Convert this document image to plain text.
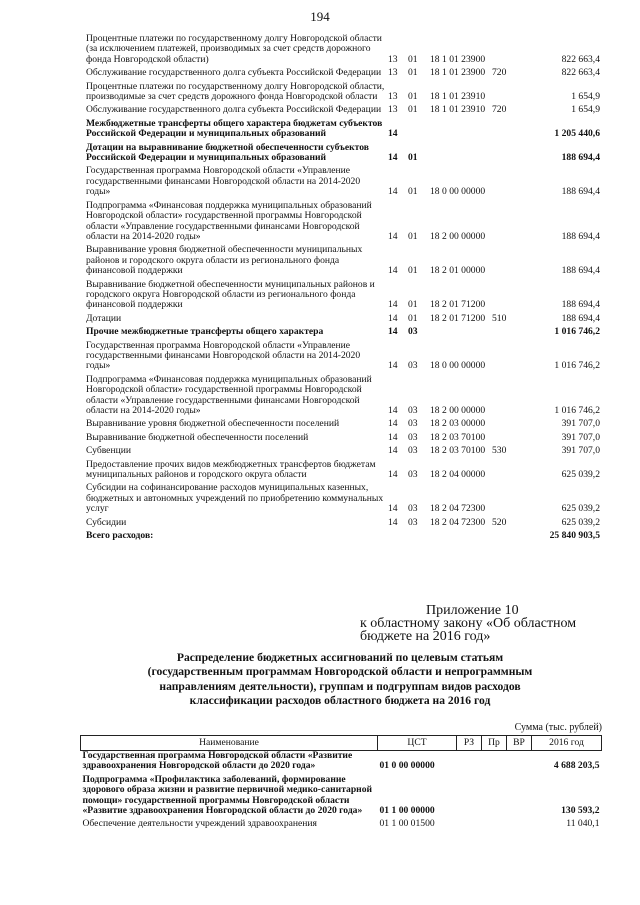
194
Процентные платежи по государственному долгу Новгородской области (за исключением платежей, производимых за счет средств дорожного фонда Новгородской области)	13	01	18 1 01 23900		822 663,4
Обслуживание государственного долга субъекта Российской Федерации	13	01	18 1 01 23900	720	822 663,4
Процентные платежи по государственному долгу Новгородской области, производимые за счет средств дорожного фонда Новгородской области	13	01	18 1 01 23910		1 654,9
Обслуживание государственного долга субъекта Российской Федерации	13	01	18 1 01 23910	720	1 654,9
Межбюджетные трансферты общего характера бюджетам субъектов Российской Федерации и муниципальных образований	14				1 205 440,6
Дотации на выравнивание бюджетной обеспеченности субъектов Российской Федерации и муниципальных образований	14	01			188 694,4
Государственная программа Новгородской области «Управление государственными финансами Новгородской области на 2014-2020 годы»	14	01	18 0 00 00000		188 694,4
Подпрограмма «Финансовая поддержка муниципальных образований Новгородской области» государственной программы Новгородской области «Управление государственными финансами Новгородской области на 2014-2020 годы»	14	01	18 2 00 00000		188 694,4
Выравнивание уровня бюджетной обеспеченности муниципальных районов и городского округа области из регионального фонда финансовой поддержки	14	01	18 2 01 00000		188 694,4
Выравнивание бюджетной обеспеченности муниципальных районов и городского округа Новгородской области из регионального фонда финансовой поддержки	14	01	18 2 01 71200		188 694,4
Дотации	14	01	18 2 01 71200	510	188 694,4
Прочие межбюджетные трансферты общего характера	14	03			1 016 746,2
Государственная программа Новгородской области «Управление государственными финансами Новгородской области на 2014-2020 годы»	14	03	18 0 00 00000		1 016 746,2
Подпрограмма «Финансовая поддержка муниципальных образований Новгородской области» государственной программы Новгородской области «Управление государственными финансами Новгородской области на 2014-2020 годы»	14	03	18 2 00 00000		1 016 746,2
Выравнивание уровня бюджетной обеспеченности поселений	14	03	18 2 03 00000		391 707,0
Выравнивание бюджетной обеспеченности поселений	14	03	18 2 03 70100		391 707,0
Субвенции	14	03	18 2 03 70100	530	391 707,0
Предоставление прочих видов межбюджетных трансфертов бюджетам муниципальных районов и городского округа области	14	03	18 2 04 00000		625 039,2
Субсидии на софинансирование расходов муниципальных казенных, бюджетных и автономных учреждений по приобретению коммунальных услуг	14	03	18 2 04 72300		625 039,2
Субсидии	14	03	18 2 04 72300	520	625 039,2
Всего расходов:					25 840 903,5
Приложение 10
к областному закону «Об областном
бюджете на 2016 год»
Распределение бюджетных ассигнований по целевым статьям
(государственным программам Новгородской области и непрограммным
направлениям деятельности), группам и подгруппам видов расходов
классификации расходов областного бюджета на 2016 год
Сумма (тыс. рублей)
Наименование	ЦСТ	РЗ	Пр	ВР	2016 год
Государственная программа Новгородской области «Развитие здравоохранения Новгородской области до 2020 года»	01 0 00 00000				4 688 203,5
Подпрограмма «Профилактика заболеваний, формирование здорового образа жизни и развитие первичной медико-санитарной помощи» государственной программы Новгородской области «Развитие здравоохранения Новгородской области до 2020 года»	01 1 00 00000				130 593,2
Обеспечение деятельности учреждений здравоохранения	01 1 00 01500				11 040,1
